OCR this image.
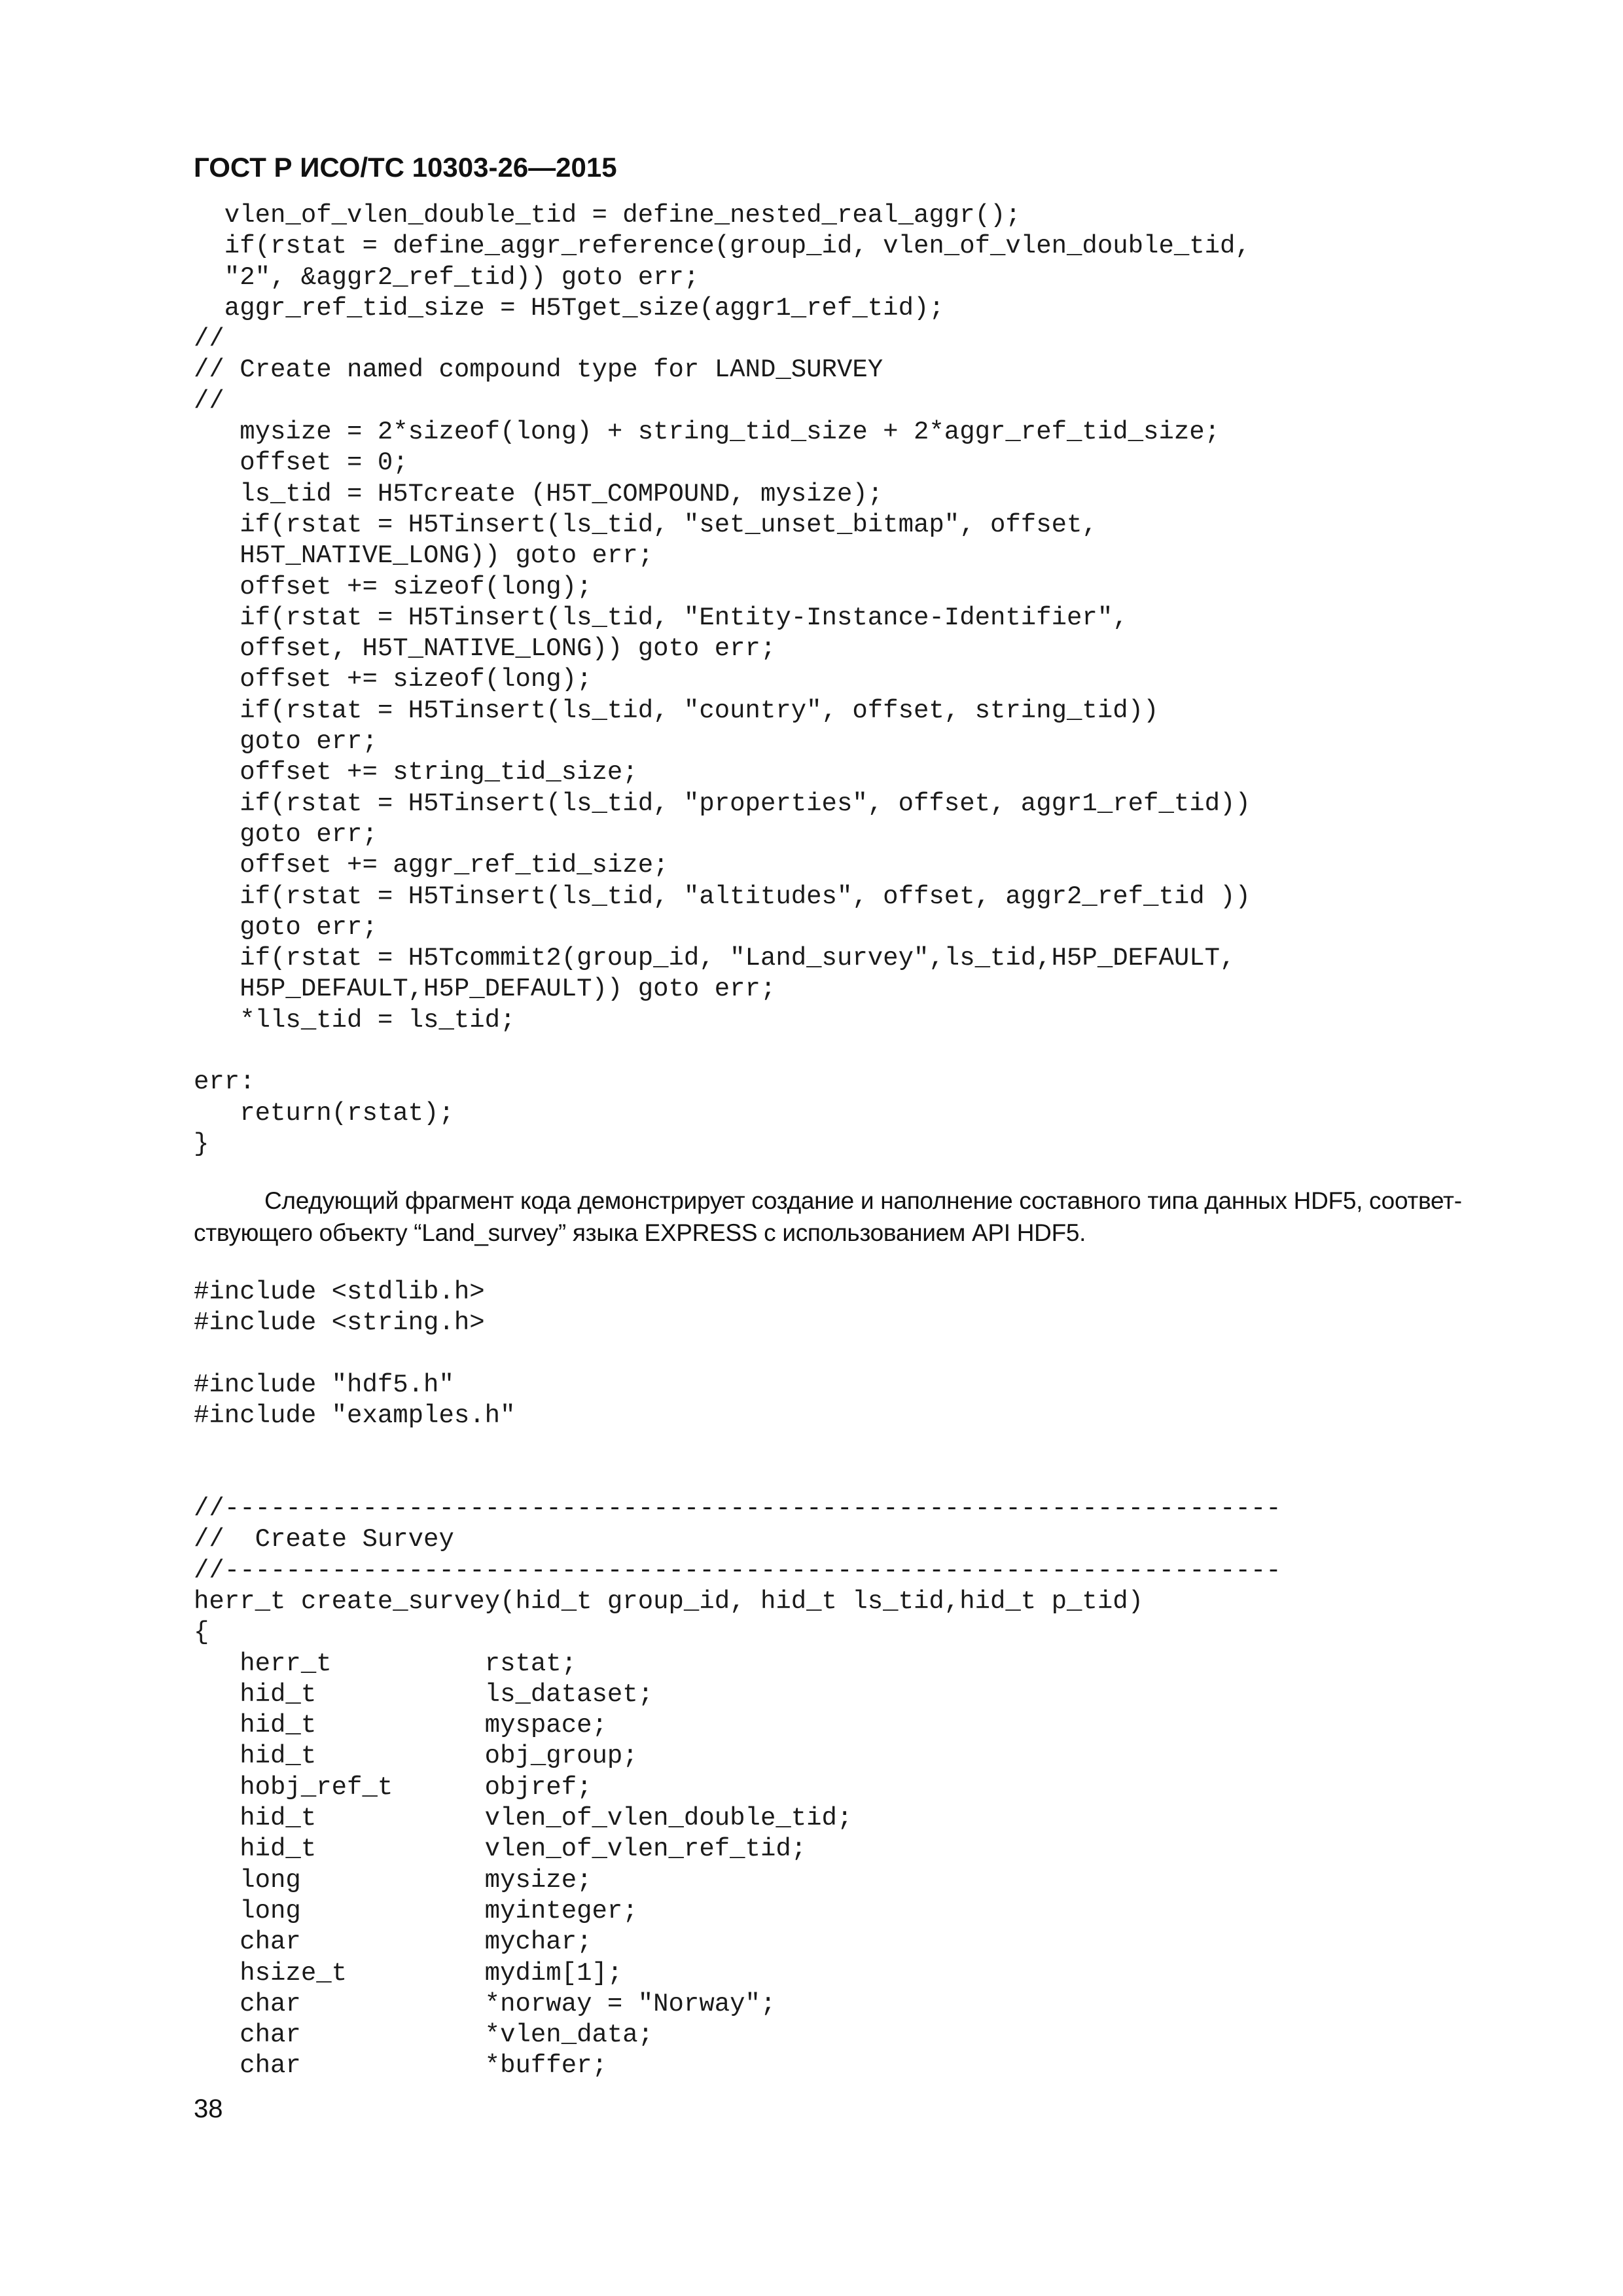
ГОСТ Р ИСО/ТС 10303-26—2015
vlen_of_vlen_double_tid = define_nested_real_aggr();
if(rstat = define_aggr_reference(group_id, vlen_of_vlen_double_tid,
"2", &aggr2_ref_tid)) goto err;
aggr_ref_tid_size = H5Tget_size(aggr1_ref_tid);
//
// Create named compound type for LAND_SURVEY
//
mysize = 2*sizeof(long) + string_tid_size + 2*aggr_ref_tid_size;
offset = 0;
ls_tid = H5Tcreate (H5T_COMPOUND, mysize);
if(rstat = H5Tinsert(ls_tid, "set_unset_bitmap", offset,
H5T_NATIVE_LONG)) goto err;
offset += sizeof(long);
if(rstat = H5Tinsert(ls_tid, "Entity-Instance-Identifier",
offset, H5T_NATIVE_LONG)) goto err;
offset += sizeof(long);
if(rstat = H5Tinsert(ls_tid, "country", offset, string_tid))
goto err;
offset += string_tid_size;
if(rstat = H5Tinsert(ls_tid, "properties", offset, aggr1_ref_tid))
goto err;
offset += aggr_ref_tid_size;
if(rstat = H5Tinsert(ls_tid, "altitudes", offset, aggr2_ref_tid ))
goto err;
if(rstat = H5Tcommit2(group_id, "Land_survey",ls_tid,H5P_DEFAULT,
H5P_DEFAULT,H5P_DEFAULT)) goto err;
*lls_tid = ls_tid;
err:
return(rstat);
}
Следующий фрагмент кода демонстрирует создание и наполнение составного типа данных HDF5, соответ-
ствующего объекту “Land_survey” языка EXPRESS с использованием API HDF5.
#include <stdlib.h>
#include <string.h>
#include "hdf5.h"
#include "examples.h"
//---------------------------------------------------------------------
//  Create Survey
//---------------------------------------------------------------------
herr_t create_survey(hid_t group_id, hid_t ls_tid,hid_t p_tid)
{
herr_t          rstat;
hid_t           ls_dataset;
hid_t           myspace;
hid_t           obj_group;
hobj_ref_t      objref;
hid_t           vlen_of_vlen_double_tid;
hid_t           vlen_of_vlen_ref_tid;
long            mysize;
long            myinteger;
char            mychar;
hsize_t         mydim[1];
char            *norway = "Norway";
char            *vlen_data;
char            *buffer;
38
